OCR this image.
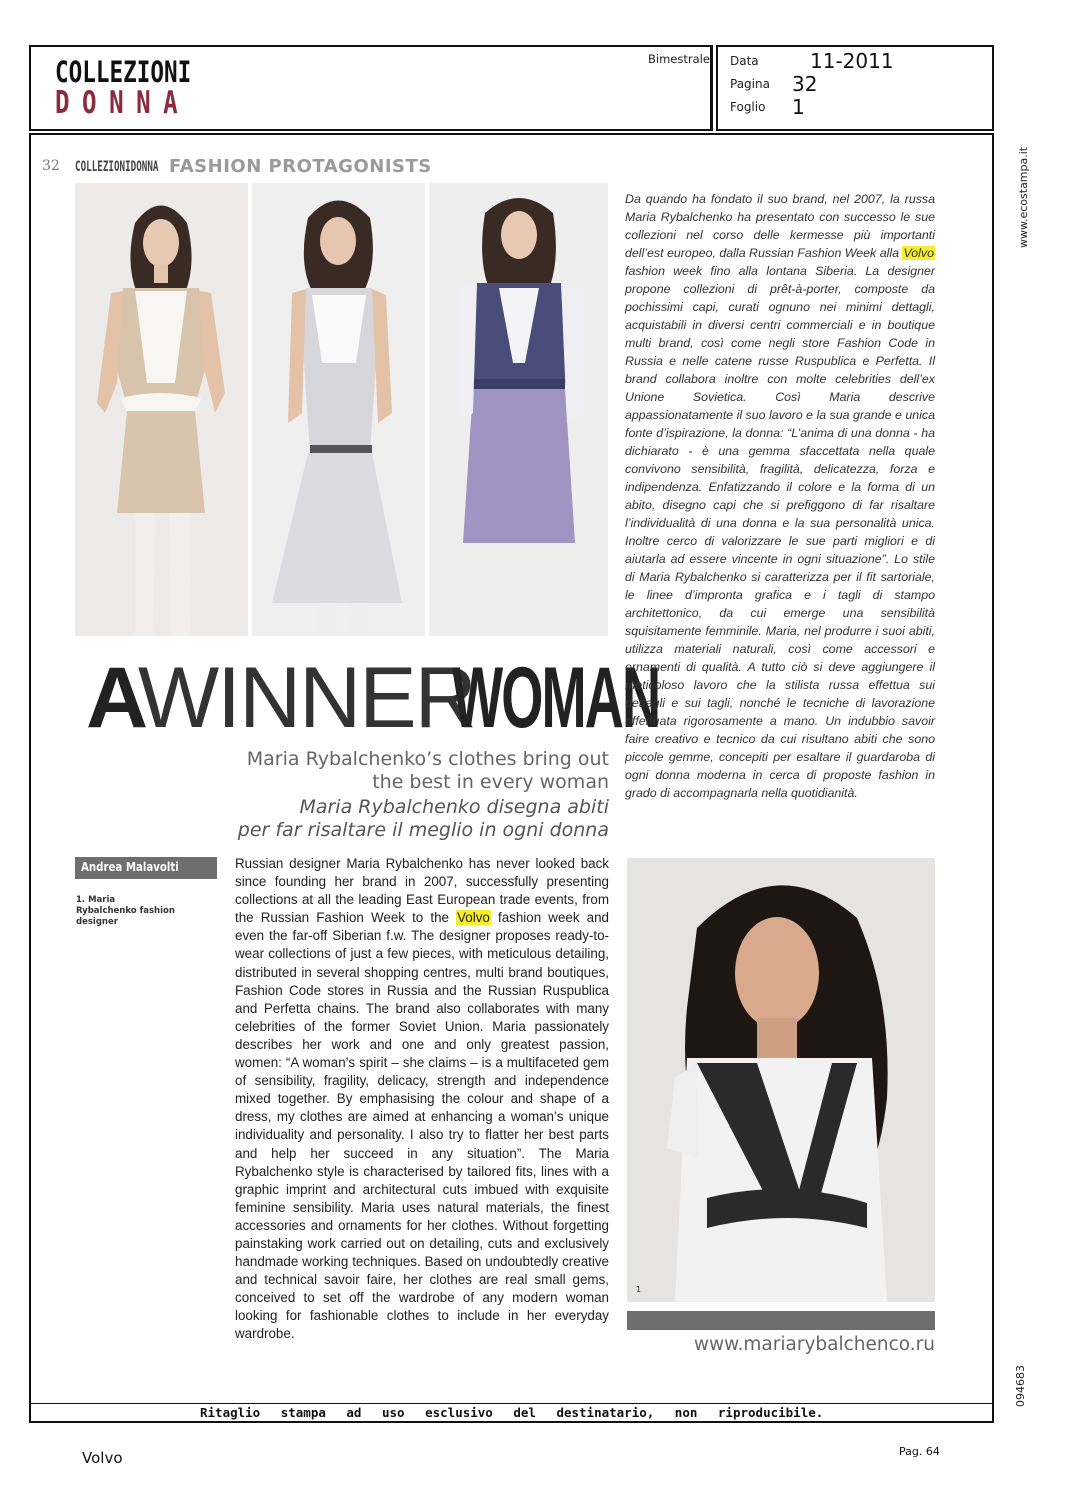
COLLEZIONI
DONNA
Bimestrale Data	11-2011
Pagina 32
Foglio 1
www.ecostampa.it
094683
32 COLLEZIONIDONNA FASHION PROTAGONISTS
A
WINNER
WOMAN
Maria Rybalchenko’s clothes bring out
the best in every woman
Maria Rybalchenko disegna abiti
per far risaltare il meglio in ogni donna
Da quando ha fondato il suo brand, nel 2007, la russa Maria Rybalchenko ha presentato con successo le sue collezioni nel corso delle kermesse più importanti dell’est europeo, dalla Russian Fashion Week alla Volvo fashion week fino alla lontana Siberia. La designer propone collezioni di prêt-à-porter, composte da pochissimi capi, curati ognuno nei minimi dettagli, acquistabili in diversi centri commerciali e in boutique multi brand, così come negli store Fashion Code in Russia e nelle catene russe Ruspublica e Perfetta. Il brand collabora inoltre con molte celebrities dell’ex Unione Sovietica. Così Maria descrive appassionatamente il suo lavoro e la sua grande e unica fonte d’ispirazione, la donna: “L’anima di una donna - ha dichiarato - è una gemma sfaccettata nella quale convivono sensibilità, fragilità, delicatezza, forza e indipendenza. Enfatizzando il colore e la forma di un abito, disegno capi che si prefiggono di far risaltare l’individualità di una donna e la sua personalità unica. Inoltre cerco di valorizzare le sue parti migliori e di aiutarla ad essere vincente in ogni situazione”. Lo stile di Maria Rybalchenko si caratterizza per il fit sartoriale, le linee d’impronta grafica e i tagli di stampo architettonico, da cui emerge una sensibilità squisitamente femminile. Maria, nel produrre i suoi abiti, utilizza materiali naturali, così come accessori e ornamenti di qualità. A tutto ciò si deve aggiungere il meticoloso lavoro che la stilista russa effettua sui dettagli e sui tagli, nonché le tecniche di lavorazione effettuata rigorosamente a mano. Un indubbio savoir faire creativo e tecnico da cui risultano abiti che sono piccole gemme, concepiti per esaltare il guardaroba di ogni donna moderna in cerca di proposte fashion in grado di accompagnarla nella quotidianità.
Andrea Malavolti
1. Maria Rybalchenko fashion designer
Russian designer Maria Rybalchenko has never looked back since founding her brand in 2007, successfully presenting collections at all the leading East European trade events, from the Russian Fashion Week to the Volvo fashion week and even the far-off Siberian f.w. The designer proposes ready-to-wear collections of just a few pieces, with meticulous detailing, distributed in several shopping centres, multi brand boutiques, Fashion Code stores in Russia and the Russian Ruspublica and Perfetta chains. The brand also collaborates with many celebrities of the former Soviet Union. Maria passionately describes her work and one and only greatest passion, women: “A woman’s spirit – she claims – is a multifaceted gem of sensibility, fragility, delicacy, strength and independence mixed together. By emphasising the colour and shape of a dress, my clothes are aimed at enhancing a woman’s unique individuality and personality. I also try to flatter her best parts and help her succeed in any situation”. The Maria Rybalchenko style is characterised by tailored fits, lines with a graphic imprint and architectural cuts imbued with exquisite feminine sensibility. Maria uses natural materials, the finest accessories and ornaments for her clothes. Without forgetting painstaking work carried out on detailing, cuts and exclusively handmade working techniques. Based on undoubtedly creative and technical savoir faire, her clothes are real small gems, conceived to set off the wardrobe of any modern woman looking for fashionable clothes to include in her everyday wardrobe.
1
www.mariarybalchenco.ru
Ritaglio stampa ad uso esclusivo del destinatario, non riproducibile.
Volvo	Pag. 64
